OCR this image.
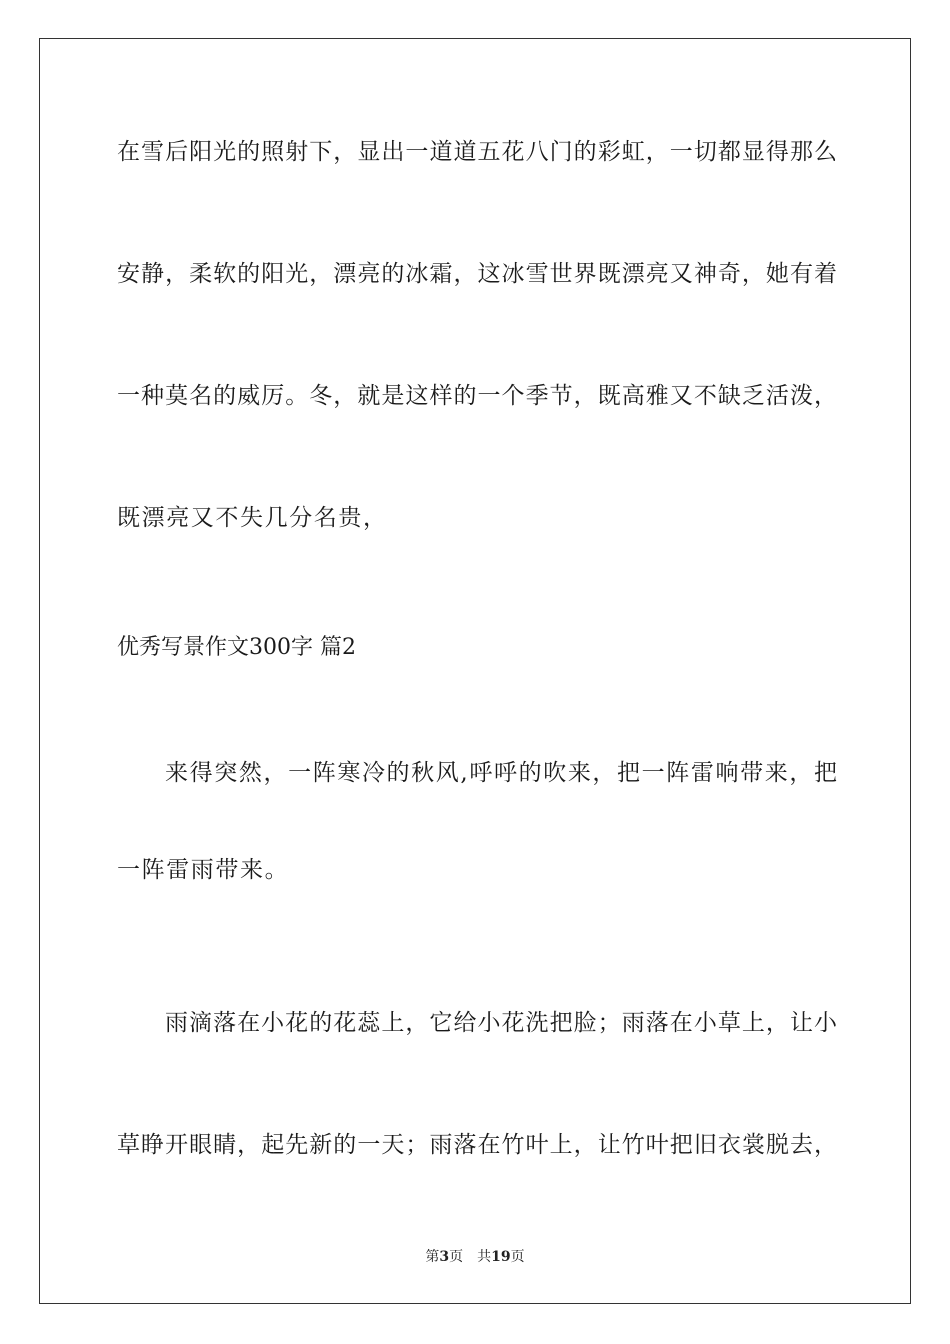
在雪后阳光的照射下，显出一道道五花八门的彩虹，一切都显得那么
安静，柔软的阳光，漂亮的冰霜，这冰雪世界既漂亮又神奇，她有着
一种莫名的威厉。冬，就是这样的一个季节，既高雅又不缺乏活泼，
既漂亮又不失几分名贵，
优秀写景作文300字 篇2
来得突然，一阵寒冷的秋风,呼呼的吹来，把一阵雷响带来，把
一阵雷雨带来。
雨滴落在小花的花蕊上，它给小花洗把脸；雨落在小草上，让小
草睁开眼睛，起先新的一天；雨落在竹叶上，让竹叶把旧衣裳脱去，
第3页 共19页
